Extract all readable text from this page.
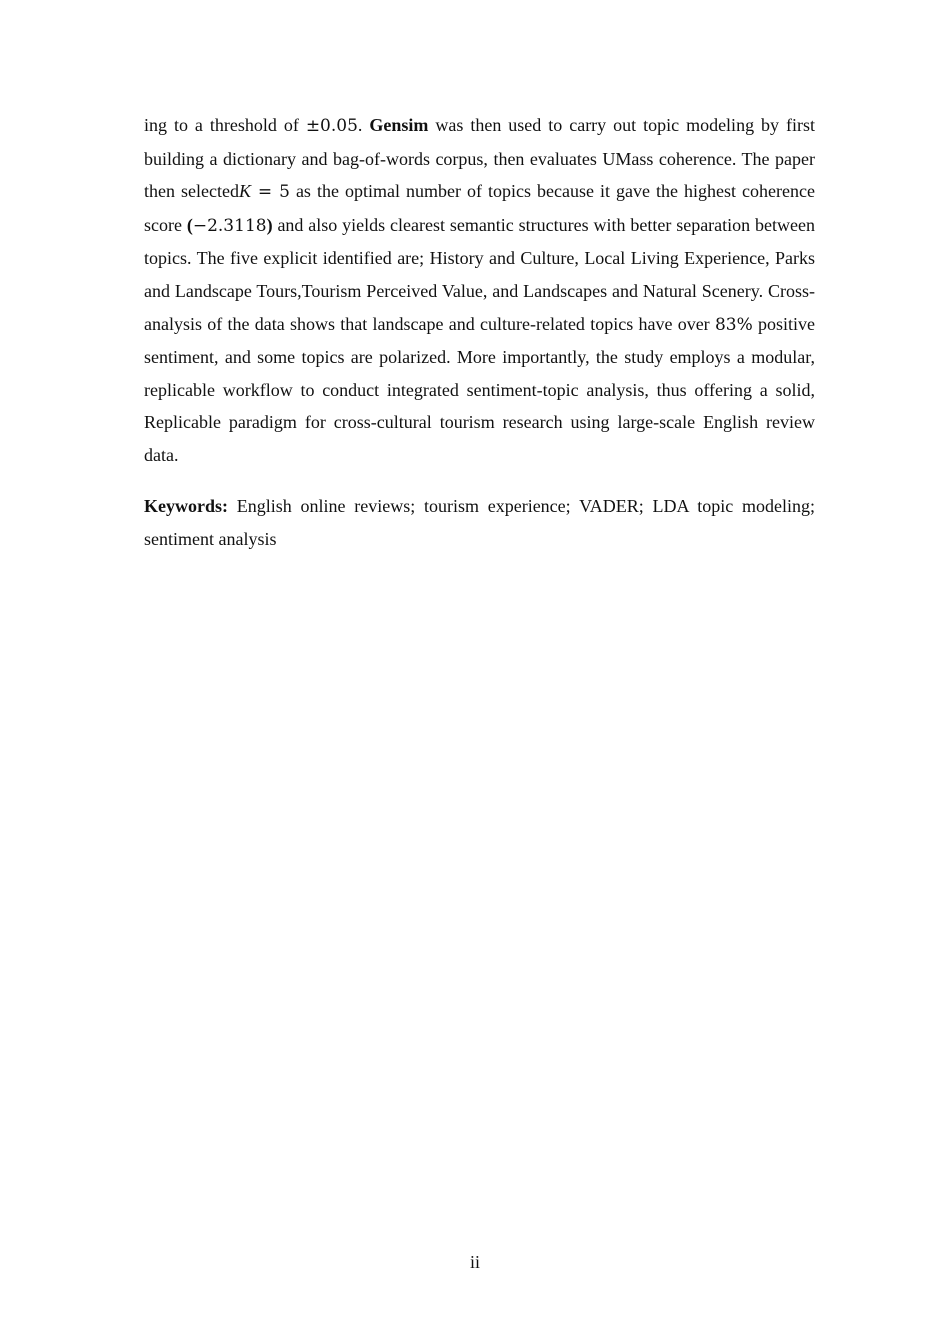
ing to a threshold of ±0.05. Gensim was then used to carry out topic modeling by first building a dictionary and bag-of-words corpus, then evaluates UMass coherence. The paper then selectedK = 5 as the optimal number of topics because it gave the highest coherence score (−2.3118) and also yields clearest semantic structures with better separation between topics. The five explicit identified are; History and Culture, Local Living Experience, Parks and Landscape Tours,Tourism Perceived Value, and Landscapes and Natural Scenery. Cross-analysis of the data shows that landscape and culture-related topics have over 83% positive sentiment, and some topics are polarized. More importantly, the study employs a modular, replicable workflow to conduct integrated sentiment-topic analysis, thus offering a solid, Replicable paradigm for cross-cultural tourism research using large-scale English review data.

Keywords: English online reviews; tourism experience; VADER; LDA topic modeling; sentiment analysis

ii
